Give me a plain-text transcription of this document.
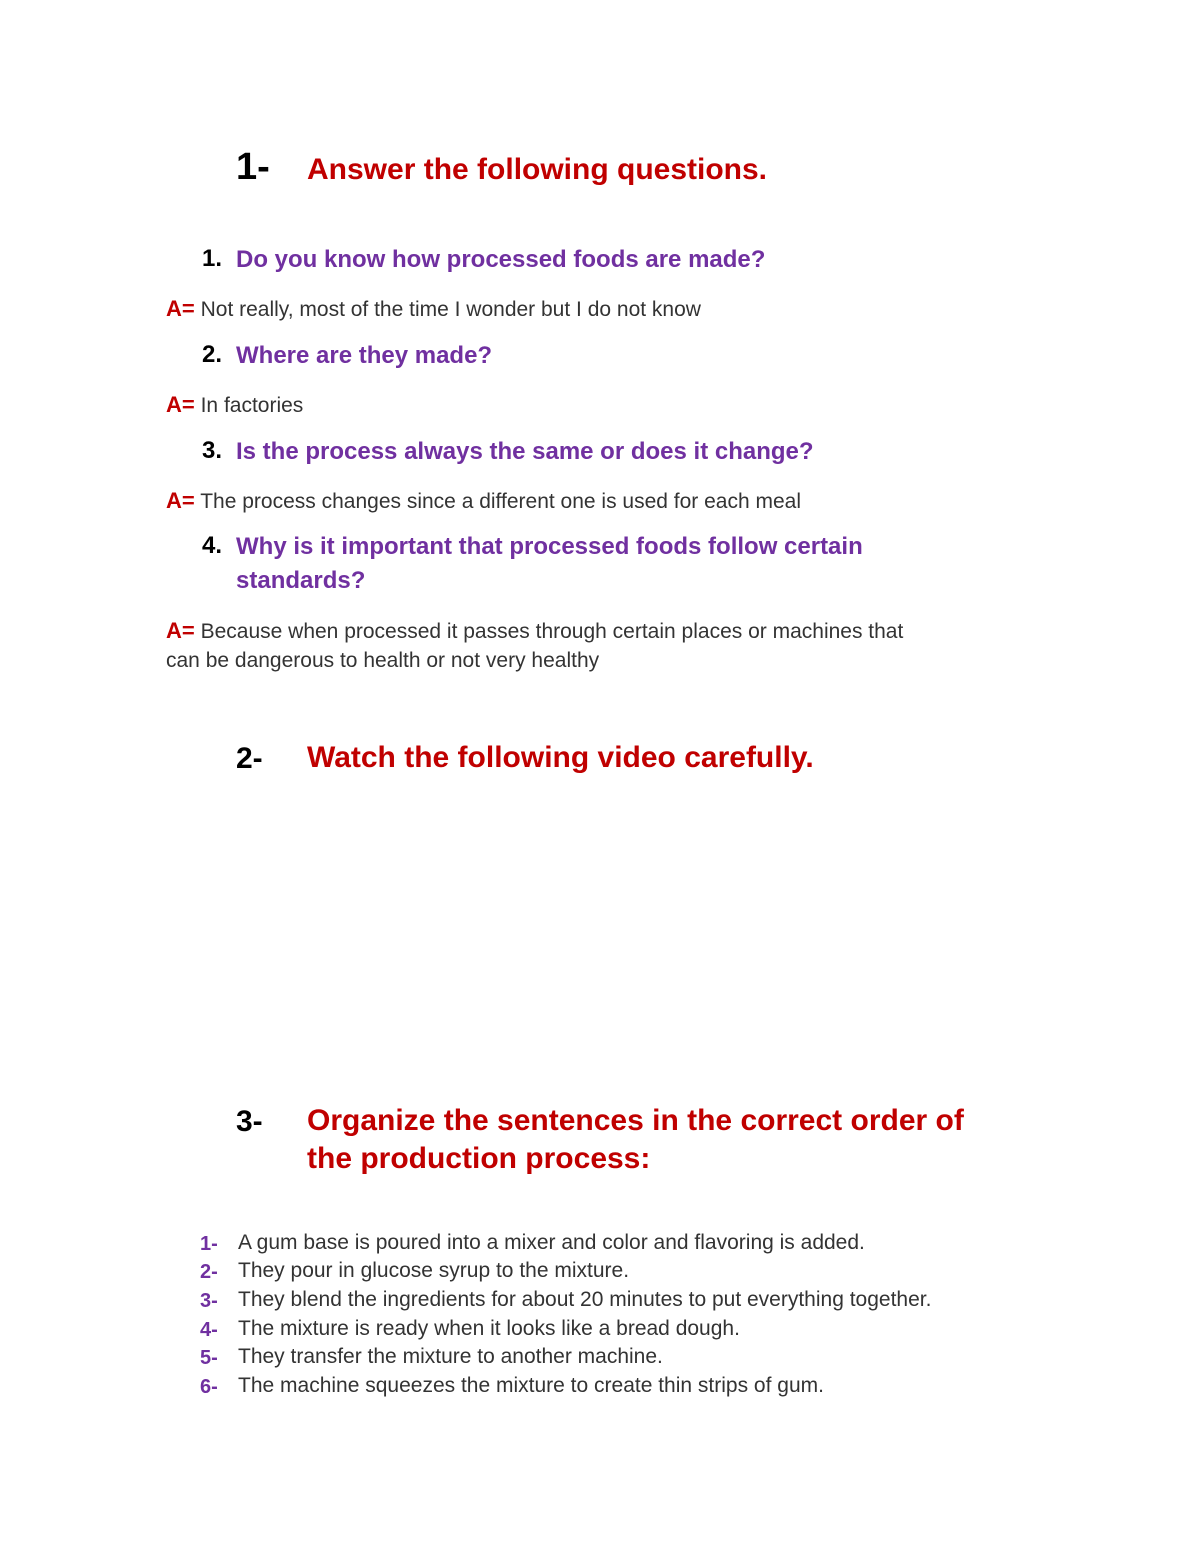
1- Answer the following questions.
1. Do you know how processed foods are made?
A= Not really, most of the time I wonder but I do not know
2. Where are they made?
A= In factories
3. Is the process always the same or does it change?
A= The process changes since a different one is used for each meal
4. Why is it important that processed foods follow certain
standards?
A= Because when processed it passes through certain places or machines that
can be dangerous to health or not very healthy
2- Watch the following video carefully.
3- Organize the sentences in the correct order of
the production process:
1- A gum base is poured into a mixer and color and flavoring is added.
2- They pour in glucose syrup to the mixture.
3- They blend the ingredients for about 20 minutes to put everything together.
4- The mixture is ready when it looks like a bread dough.
5- They transfer the mixture to another machine.
6- The machine squeezes the mixture to create thin strips of gum.
